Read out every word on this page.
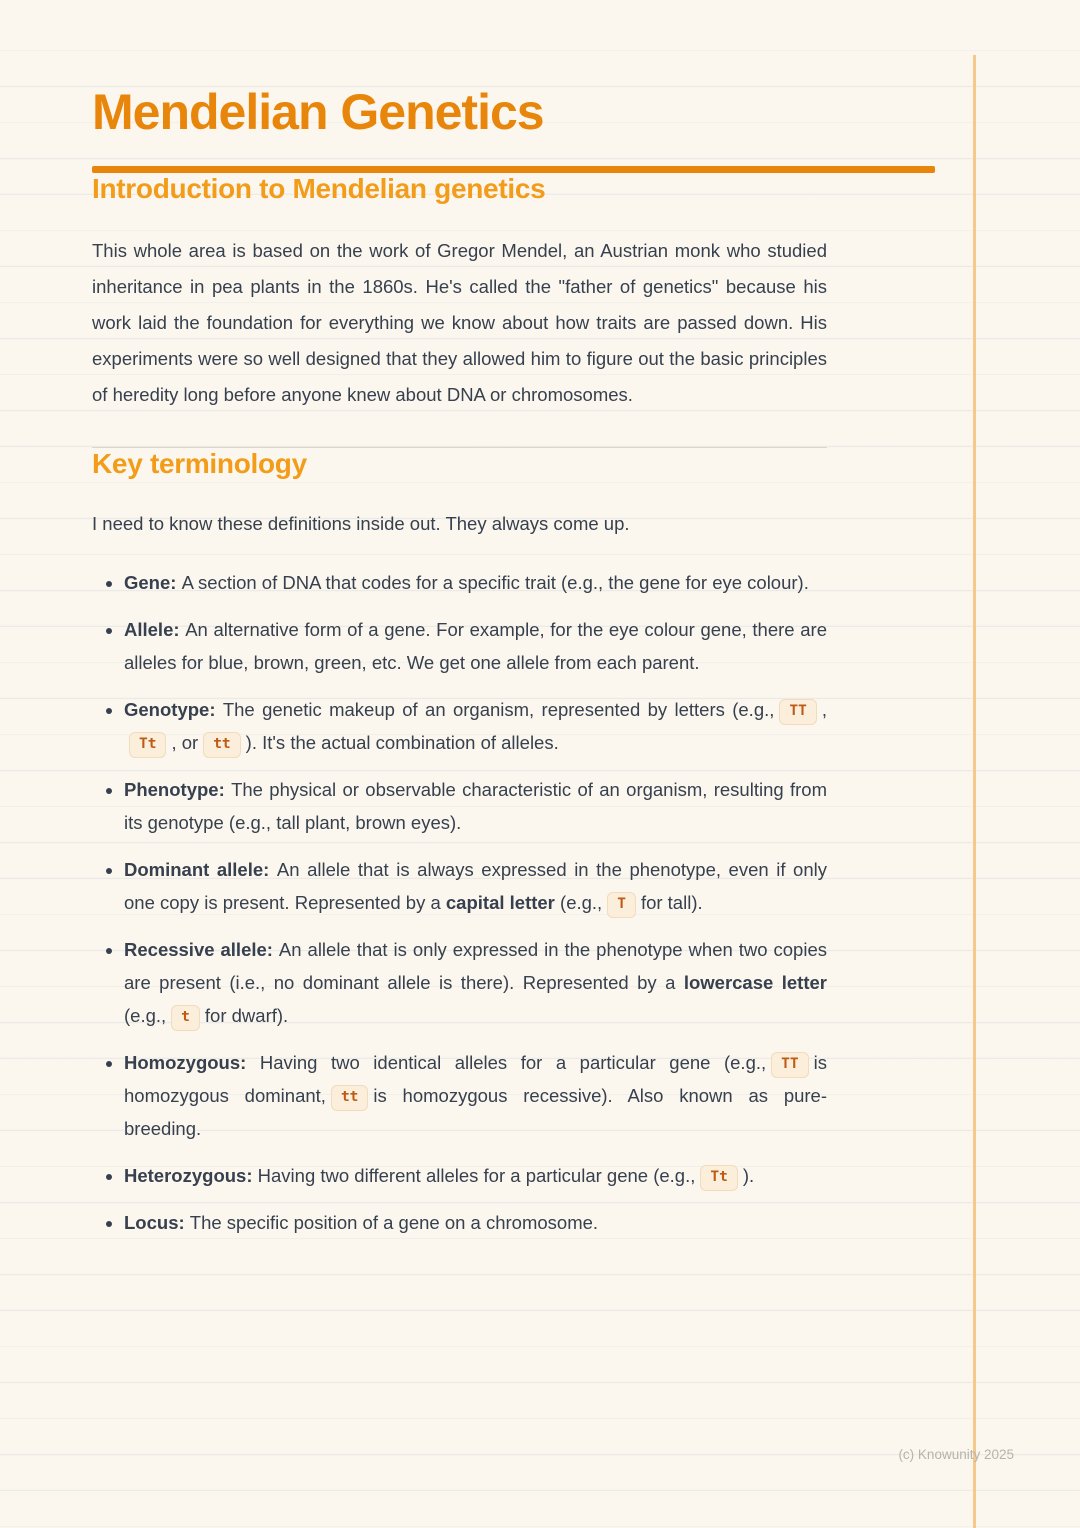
Mendelian Genetics
Introduction to Mendelian genetics

This whole area is based on the work of Gregor Mendel, an Austrian monk who studied inheritance in pea plants in the 1860s. He's called the "father of genetics" because his work laid the foundation for everything we know about how traits are passed down. His experiments were so well designed that they allowed him to figure out the basic principles of heredity long before anyone knew about DNA or chromosomes.

Key terminology

I need to know these definitions inside out. They always come up.

• Gene: A section of DNA that codes for a specific trait (e.g., the gene for eye colour).
• Allele: An alternative form of a gene. For example, for the eye colour gene, there are alleles for blue, brown, green, etc. We get one allele from each parent.
• Genotype: The genetic makeup of an organism, represented by letters (e.g., TT ,Tt , or tt ). It's the actual combination of alleles.
• Phenotype: The physical or observable characteristic of an organism, resulting from its genotype (e.g., tall plant, brown eyes).
• Dominant allele: An allele that is always expressed in the phenotype, even if only one copy is present. Represented by a capital letter (e.g., T for tall).
• Recessive allele: An allele that is only expressed in the phenotype when two copies are present (i.e., no dominant allele is there). Represented by a lowercase letter (e.g., t for dwarf).
• Homozygous: Having two identical alleles for a particular gene (e.g., TT is homozygous dominant, tt is homozygous recessive). Also known as pure-breeding.
• Heterozygous: Having two different alleles for a particular gene (e.g., Tt ).
• Locus: The specific position of a gene on a chromosome.
(c) Knowunity 2025
